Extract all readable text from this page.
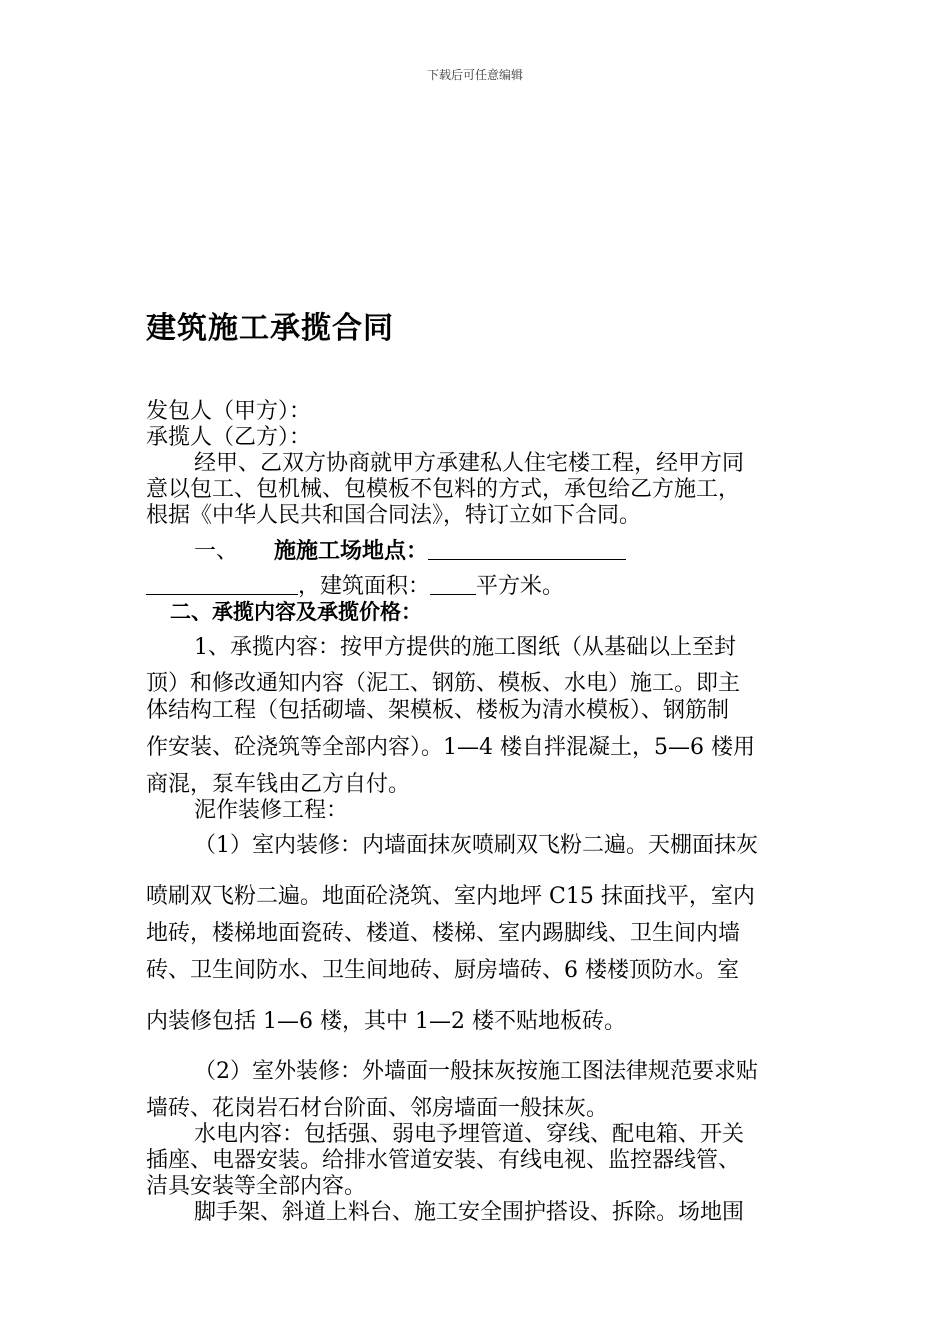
下载后可任意编辑
建筑施工承揽合同
发包人（甲方）：
承揽人（乙方）：
经甲、乙双方协商就甲方承建私人住宅楼工程，经甲方同
意以包工、包机械、包模板不包料的方式，承包给乙方施工，
根据《中华人民共和国合同法》，特订立如下合同。
一、 施施工场地点：
，建筑面积： 平方米。
二、承揽内容及承揽价格：
1、承揽内容：按甲方提供的施工图纸（从基础以上至封
顶）和修改通知内容（泥工、钢筋、模板、水电）施工。即主
体结构工程（包括砌墙、架模板、楼板为清水模板）、钢筋制
作安装、砼浇筑等全部内容）。1—4 楼自拌混凝土，5—6 楼用
商混，泵车钱由乙方自付。
泥作装修工程：
（1）室内装修：内墙面抹灰喷刷双飞粉二遍。天棚面抹灰
喷刷双飞粉二遍。地面砼浇筑、室内地坪 C15 抹面找平，室内
地砖，楼梯地面瓷砖、楼道、楼梯、室内踢脚线、卫生间内墙
砖、卫生间防水、卫生间地砖、厨房墙砖、6 楼楼顶防水。室
内装修包括 1—6 楼，其中 1—2 楼不贴地板砖。
（2）室外装修：外墙面一般抹灰按施工图法律规范要求贴
墙砖、花岗岩石材台阶面、邻房墙面一般抹灰。
水电内容：包括强、弱电予埋管道、穿线、配电箱、开关
插座、电器安装。给排水管道安装、有线电视、监控器线管、
洁具安装等全部内容。
脚手架、斜道上料台、施工安全围护搭设、拆除。场地围
